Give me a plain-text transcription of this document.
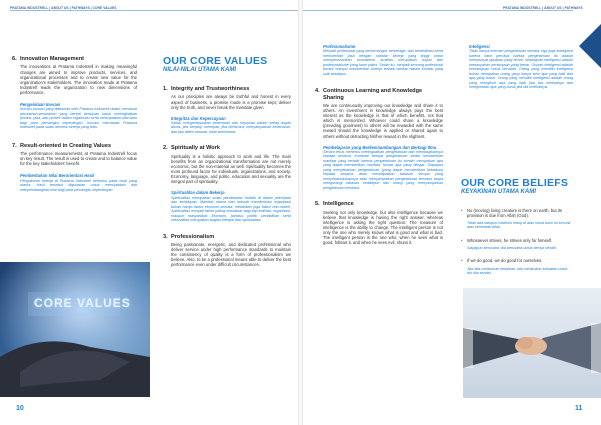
PRATAMA INDOSTRELL | ABOUT US | PATHWAYS | CORE VALUES
6. Innovation Management

The innovations at Pratama Indostrell in making meaningful changes are aimed to improve products, services, and organizational processes and to create new value for the organization's stakeholders. The innovation made at Pratama Indostrell leads the organization to new dimensions of performance.

Pengelolaan Inovasi

Inovasi-inovasi yang dilakukan oleh Pratama Indostrell dalam membuat perubahan-perubahan yang berarti bertujuan untuk meningkatkan produk, jasa, dan proses dalam organisasi serta menciptakan nilai baru bagi para pemangku kepentingan. Inovasi membawa Pratama Indostrell pada suatu dimensi kinerja yang baru.

7. Result-oriented in Creating Values

The performance measurements at Pratama Indostrell focus on key result. The result is used to create and to balance value for the key stakeholders' benefit.

Pembentukan Nilai Berorientasi Hasil

Pengukuran kinerja di Pratama Indostrell berfokus pada hasil yang utama. Hasil tersebut digunakan untuk menciptakan dan menyeimbangkan nilai bagi para pemangku kepentingan.

CORE VALUES
OUR CORE VALUES
NILAI-NILAI UTAMA KAMI
1. Integrity and Trustworthiness

As our principles are always be truthful and honest in every aspect of business, a promise made is a promise kept; deliver only the truth, and never break the mandate given.

Integritas dan Kepercayaan

Selalu mengedepankan kebenaran dan kejujuran dalam setiap aspek bisnis, jika berjanji, menepati, jika berbicara, menyampaikan kebenaran, dan jika diberi amanat, tidak berkhianat.

2. Spiritually at Work

Spirituality is a holistic approach to work and life. The main benefits from an organizational transformation are not merely economic, but the non-material as well. Spirituality becomes the most profound factor for individuals, organizations, and society. Economy, language, and politic, education and sexuality are the integral part of spirituality.

Spiritualitas dalam Bekerja

Spiritualitas merupakan suatu pendekatan holistik di dalam pekerjaan dan kehidupan. Manfaat utama dari sebuah transformasi organisasi bukan hanya faktor ekonomi semata, melainkan juga faktor non-materi. Spiritualitas menjadi faktor paling mendasar bagi tiap individu, organisasi, maupun masyarakat. Ekonomi, bahasa, politik, pendidikan serta seksualitas merupakan bagian integral dari spiritualitas.

3. Professionalism

Being passionate, energetic, and dedicated professional who deliver service under high performance standards to maintain the consistency of quality is a form of professionalism we believe. Also, to be a professional means able to deliver the best performance even under difficult circumstances.

10
PRATAMA INDOSTRELL | ABOUT US | PATHWAYS

Profesionalisme

Menjadi profesional yang bersemangat, bertenaga, dan berdedikasi serta memberikan jasa dengan standar kinerja yang tinggi untuk mempertahankan konsistensi kualitas merupakan wujud dari profesionalisme yang kami yakini. Selain itu, menjadi seorang profesional berarti mampu memberikan kinerja terbaik bahkan dalam kondisi yang sulit sekalipun.

4. Continuous Learning and Knowledge Sharing

We are continuously improving our knowledge and share it to others. An investment in knowledge always pays the best interest as the knowledge is that of which benefits, not that which is memorized. Whoever could share a knowledge (providing goodness) to others will be rewarded with the same reward should the knowledge is applied or shared again to others without detracting his/her reward in the slightest.

Pembelajaran yang Berkesinambungan dan Berbagi Ilmu

Secara terus menerus meningkatkan pengetahuan dan membagikannya kepada sesama. Investasi berupa pengetahuan selalu memberikan manfaat yang terbaik karena pengetahuan itu sendiri merupakan apa yang dapat memberikan manfaat, bukan apa yang diingat. Siapapun yang menyebarkan pengetahuan (yang dapat memberikan kebaikan) kepada sesama akan mendapatkan balasan serupa yang menyebarluaskannya atau menyampaikan pengetahuan tersebut tanpa mengurangi balasan sedikitpun dari orang yang menyampaikan pengetahuan tersebut.

5. Intelligence

Seeking not only knowledge, but also intelligence because we believe that knowledge is having the right answer, whereas intelligence is asking the right question. The measure of intelligence is the ability to change. The intelligent person is not only the one who merely knows what is good and what is bad. The intelligent person is the one who, when he sees what is good, follows it, and when he sees evil, shuns it.

Inteligensi

Tidak hanya mencari pengetahuan semata, tapi juga inteligensi karena kami percaya bahwa pengetahuan itu adalah mempunyai jawaban yang benar, sedangkan inteligensi adalah menanyakan pertanyaan yang benar. Ukuran inteligensi adalah kemampuan untuk berubah. Orang yang memiliki inteligensi bukan merupakan orang yang hanya tahu apa yang baik dan apa yang buruk. Orang yang memiliki inteligensi adalah orang yang mengikuti apa yang baik jika dia melihatnya dan menghindari apa yang buruk jika dia melihatnya.

OUR CORE BELIEFS
KEYAKINAN UTAMA KAMI
•	No (moving) living creature is there on earth, but its provision is due from Allah (God).

Tidak ada satupun makhluk hidup di atas muka bumi ini kecuali atas kehendak Allah.

•	Whosoever strives, he strives only for himself.

Siapapun berusaha, dia berusaha untuk dirinya sendiri.

•	If we do good, we do good for ourselves.

Jika kita melakukan kebaikan, kita melakukan kebaikan untuk diri kita sendiri.

11
